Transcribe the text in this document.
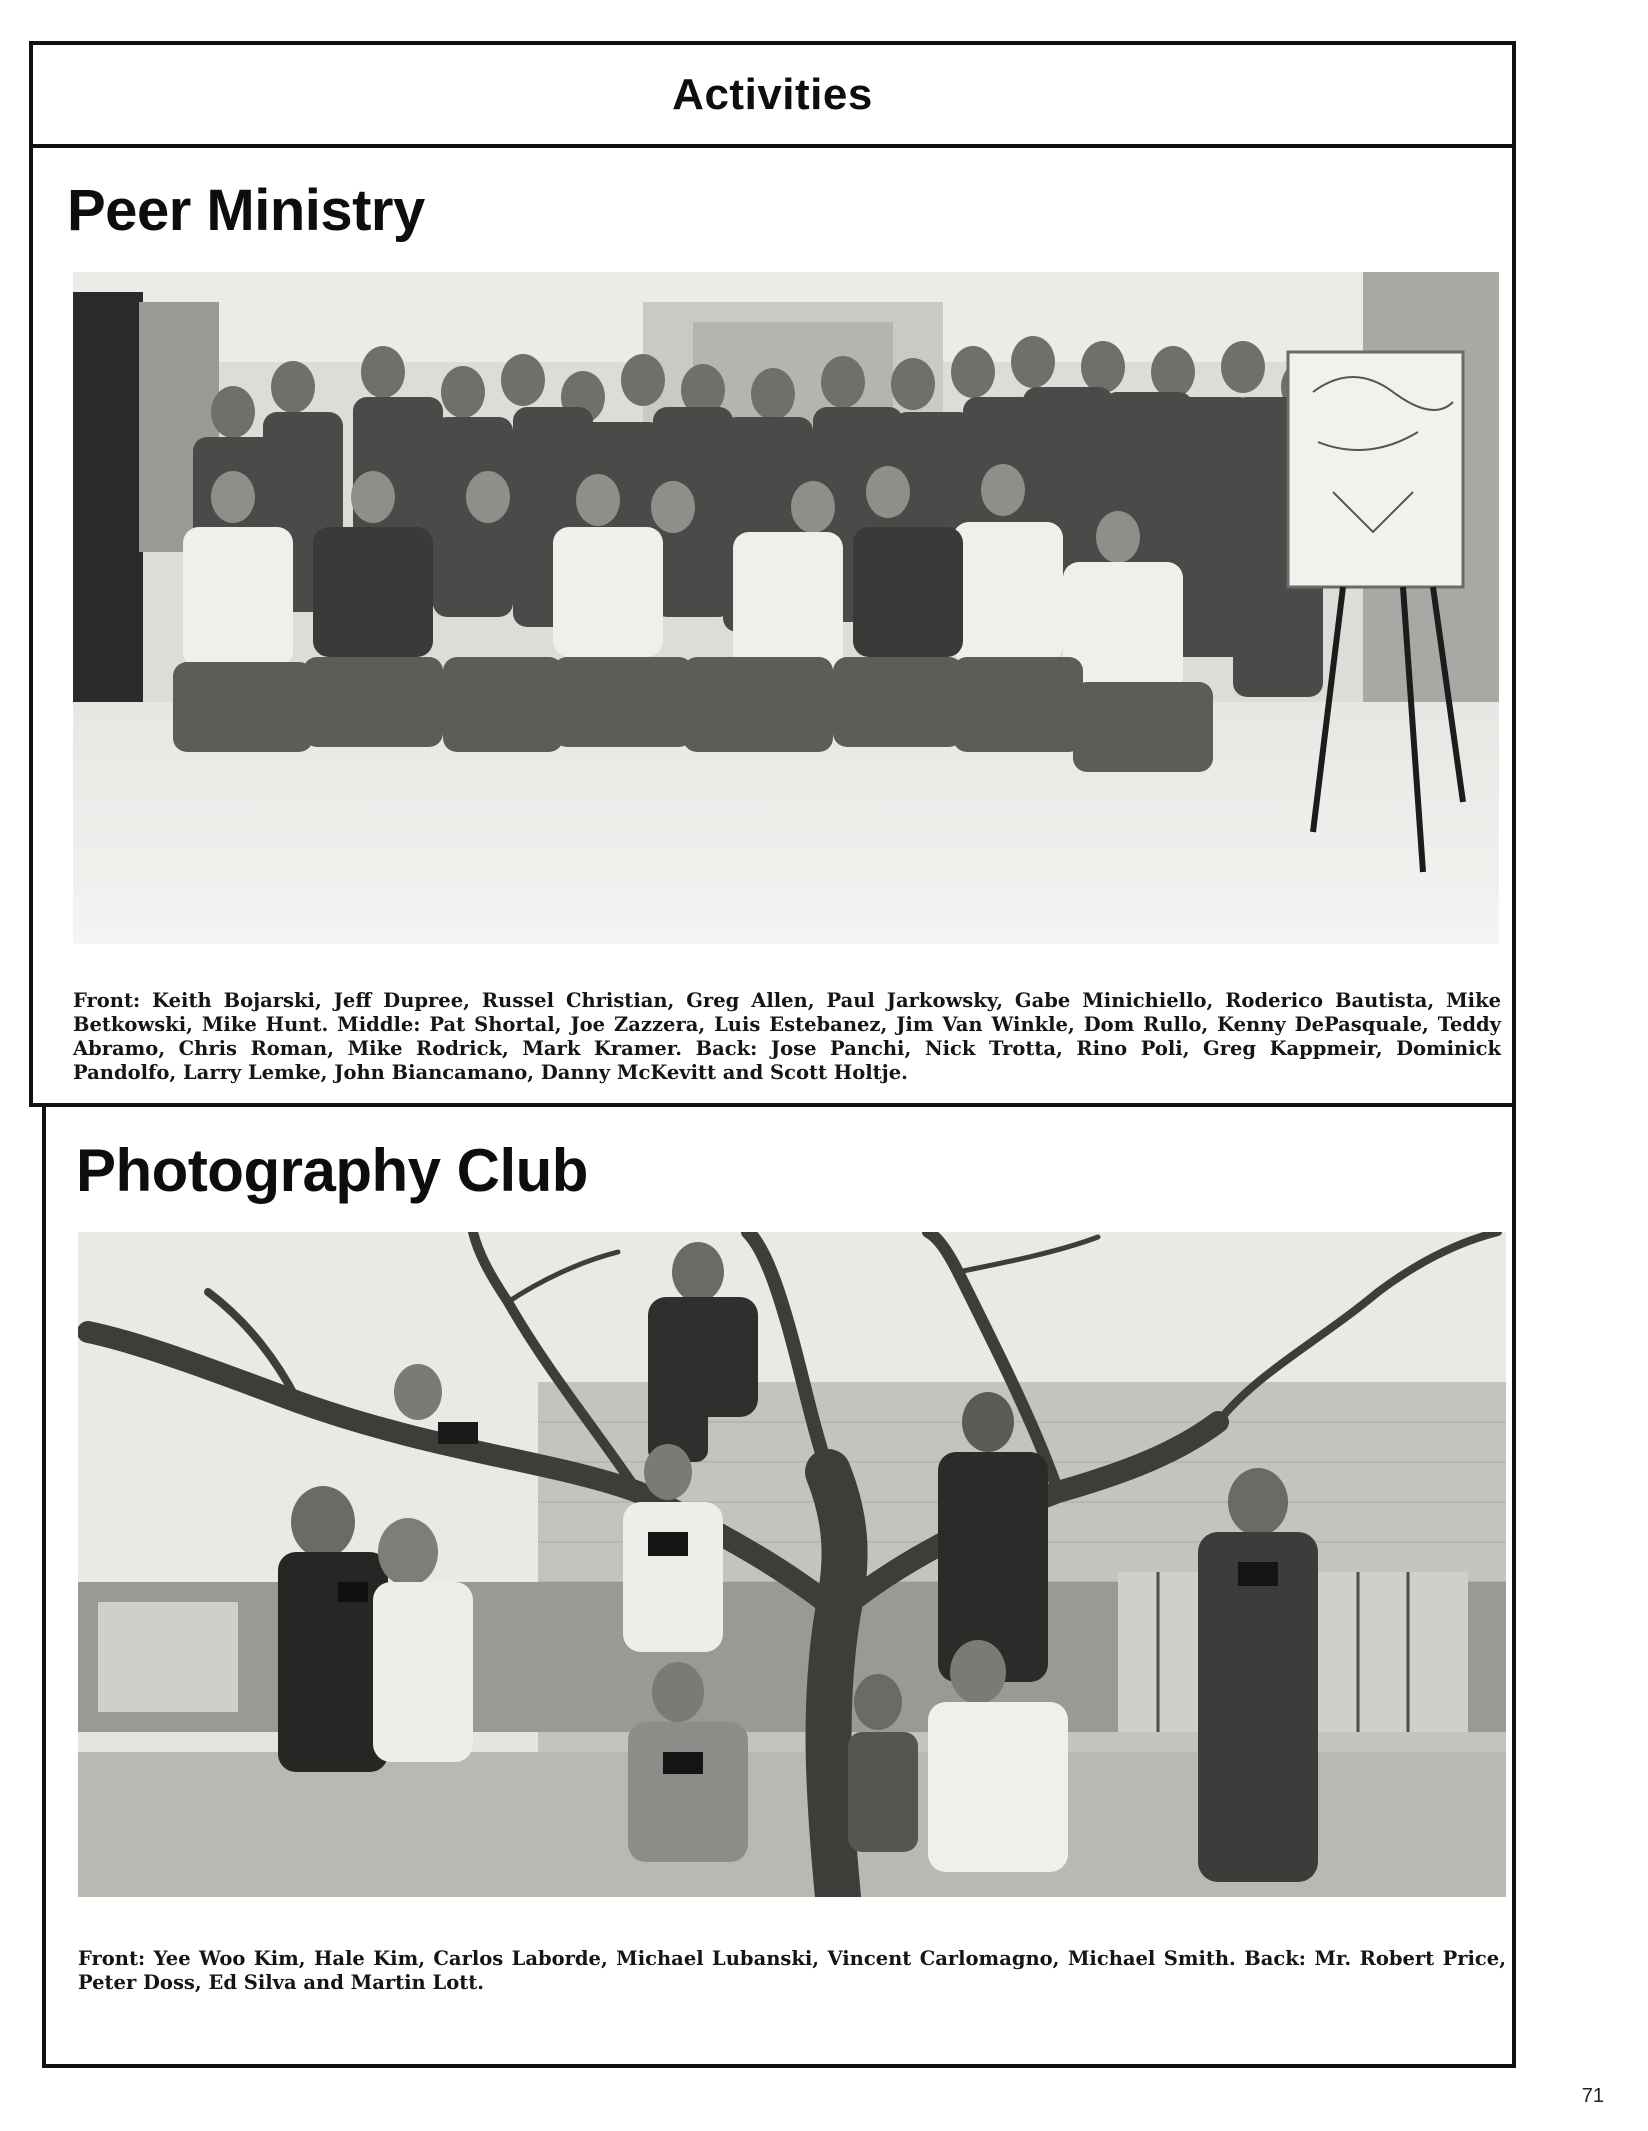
Activities
Peer Ministry

Front: Keith Bojarski, Jeff Dupree, Russel Christian, Greg Allen, Paul Jarkowsky, Gabe Minichiello, Roderico Bautista, Mike Betkowski, Mike Hunt. Middle: Pat Shortal, Joe Zazzera, Luis Estebanez, Jim Van Winkle, Dom Rullo, Kenny DePasquale, Teddy Abramo, Chris Roman, Mike Rodrick, Mark Kramer. Back: Jose Panchi, Nick Trotta, Rino Poli, Greg Kappmeir, Dominick Pandolfo, Larry Lemke, John Biancamano, Danny McKevitt and Scott Holtje.

Photography Club

Front: Yee Woo Kim, Hale Kim, Carlos Laborde, Michael Lubanski, Vincent Carlomagno, Michael Smith. Back: Mr. Robert Price, Peter Doss, Ed Silva and Martin Lott.

71
